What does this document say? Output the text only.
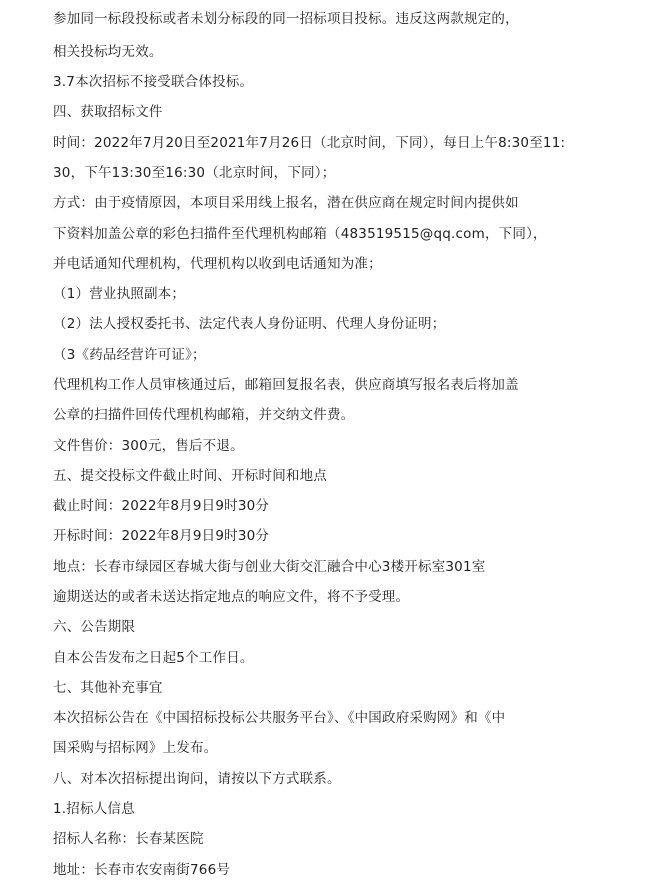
参加同一标段投标或者未划分标段的同一招标项目投标。违反这两款规定的，
相关投标均无效。
3.7本次招标不接受联合体投标。
四、获取招标文件
时间：2022年7月20日至2021年7月26日（北京时间，下同），每日上午8:30至11:
30，下午13:30至16:30（北京时间，下同）；
方式：由于疫情原因，本项目采用线上报名，潜在供应商在规定时间内提供如
下资料加盖公章的彩色扫描件至代理机构邮箱（483519515@qq.com，下同），
并电话通知代理机构，代理机构以收到电话通知为准；
（1）营业执照副本；
（2）法人授权委托书、法定代表人身份证明、代理人身份证明；
（3《药品经营许可证》；
代理机构工作人员审核通过后，邮箱回复报名表，供应商填写报名表后将加盖
公章的扫描件回传代理机构邮箱，并交纳文件费。
文件售价：300元，售后不退。
五、提交投标文件截止时间、开标时间和地点
截止时间：2022年8月9日9时30分
开标时间：2022年8月9日9时30分
地点：长春市绿园区春城大街与创业大街交汇融合中心3楼开标室301室
逾期送达的或者未送达指定地点的响应文件，将不予受理。
六、公告期限
自本公告发布之日起5个工作日。
七、其他补充事宜
本次招标公告在《中国招标投标公共服务平台》、《中国政府采购网》和《中
国采购与招标网》上发布。
八、对本次招标提出询问，请按以下方式联系。
1.招标人信息
招标人名称：长春某医院
地址：长春市农安南街766号
